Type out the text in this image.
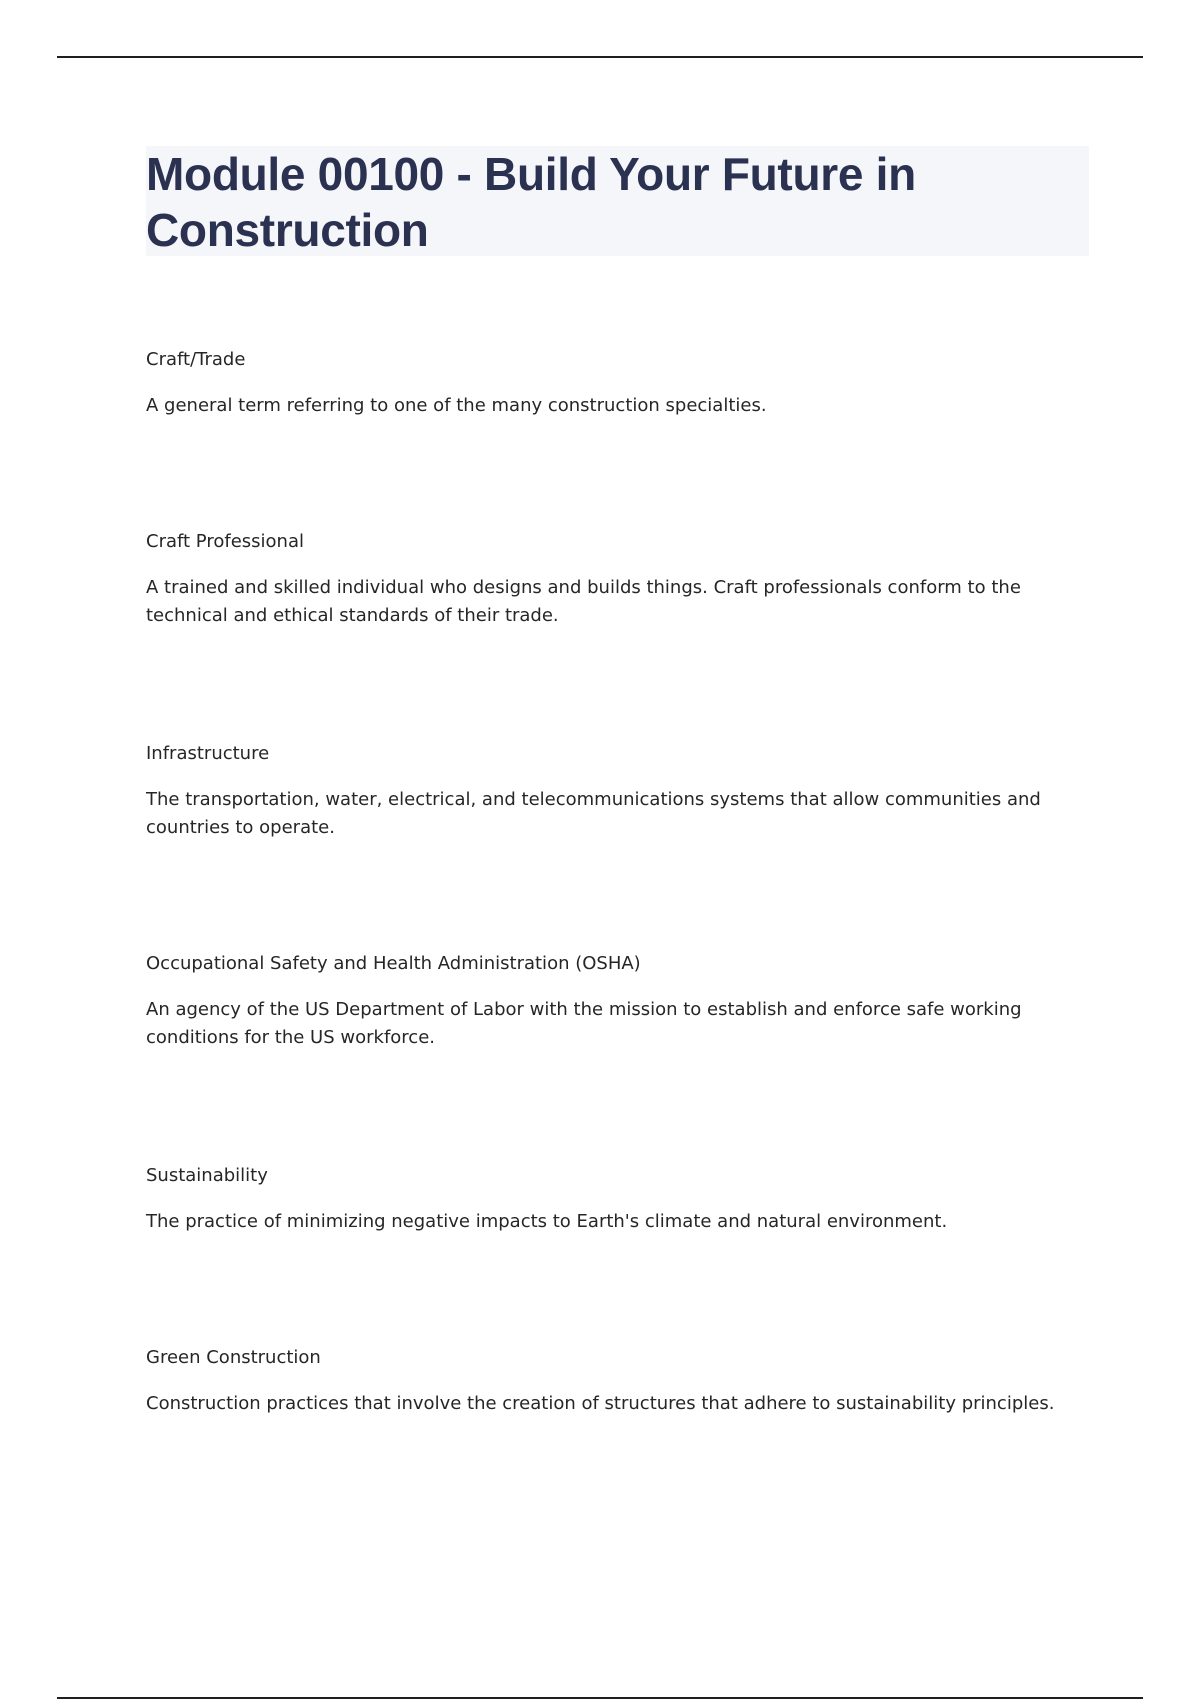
Module 00100 - Build Your Future in Construction
Craft/Trade
A general term referring to one of the many construction specialties.
Craft Professional
A trained and skilled individual who designs and builds things. Craft professionals conform to the technical and ethical standards of their trade.
Infrastructure
The transportation, water, electrical, and telecommunications systems that allow communities and countries to operate.
Occupational Safety and Health Administration (OSHA)
An agency of the US Department of Labor with the mission to establish and enforce safe working conditions for the US workforce.
Sustainability
The practice of minimizing negative impacts to Earth's climate and natural environment.
Green Construction
Construction practices that involve the creation of structures that adhere to sustainability principles.
